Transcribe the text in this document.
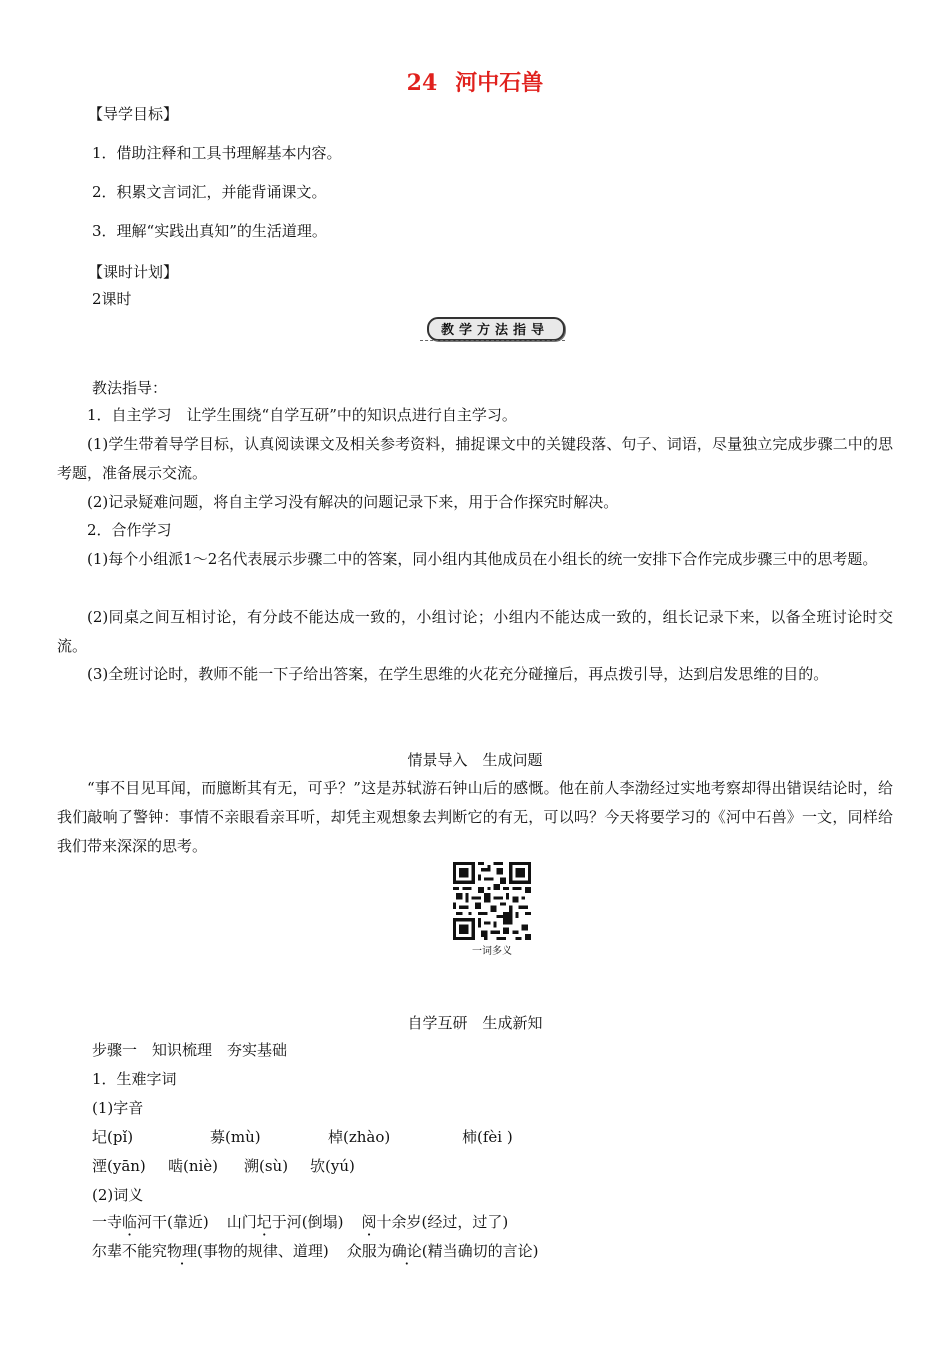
24 河中石兽
【导学目标】
1．借助注释和工具书理解基本内容。
2．积累文言词汇，并能背诵课文。
3．理解“实践出真知”的生活道理。
【课时计划】
2课时
教学方法指导
教法指导：
1．自主学习　让学生围绕“自学互研”中的知识点进行自主学习。
(1)学生带着导学目标，认真阅读课文及相关参考资料，捕捉课文中的关键段落、句子、词语，尽量独立完成步骤二中的思考题，准备展示交流。
(2)记录疑难问题，将自主学习没有解决的问题记录下来，用于合作探究时解决。
2．合作学习
(1)每个小组派1～2名代表展示步骤二中的答案，同小组内其他成员在小组长的统一安排下合作完成步骤三中的思考题。
(2)同桌之间互相讨论，有分歧不能达成一致的，小组讨论；小组内不能达成一致的，组长记录下来，以备全班讨论时交流。
(3)全班讨论时，教师不能一下子给出答案，在学生思维的火花充分碰撞后，再点拨引导，达到启发思维的目的。
情景导入　生成问题
“事不目见耳闻，而臆断其有无，可乎？”这是苏轼游石钟山后的感慨。他在前人李渤经过实地考察却得出错误结论时，给我们敲响了警钟：事情不亲眼看亲耳听，却凭主观想象去判断它的有无，可以吗？今天将要学习的《河中石兽》一文，同样给我们带来深深的思考。
一词多义
自学互研　生成新知
步骤一　知识梳理　夯实基础
1．生难字词
(1)字音
圮(pǐ)	募(mù)	棹(zhào)	柿(fèi )
湮(yān) 啮(niè) 溯(sù) 欤(yú)
(2)词义
一寺临河干(靠近) 山门圮于河(倒塌) 阅十余岁(经过，过了)
尔辈不能究物理(事物的规律、道理) 众服为确论(精当确切的言论)
